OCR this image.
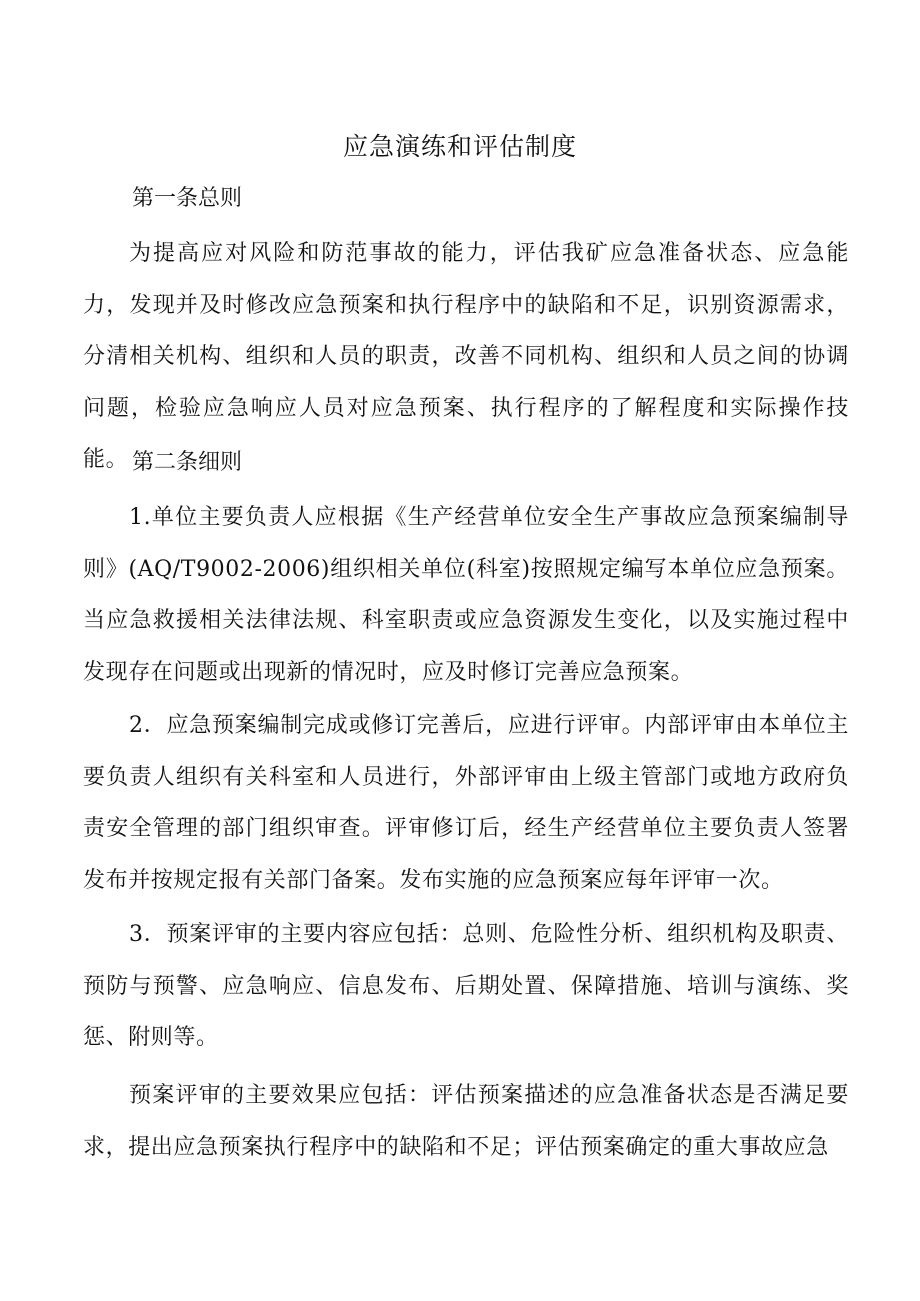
应急演练和评估制度
第一条总则

为提高应对风险和防范事故的能力，评估我矿应急准备状态、应急能力，发现并及时修改应急预案和执行程序中的缺陷和不足，识别资源需求，分清相关机构、组织和人员的职责，改善不同机构、组织和人员之间的协调问题，检验应急响应人员对应急预案、执行程序的了解程度和实际操作技能。 第二条细则

1.单位主要负责人应根据《生产经营单位安全生产事故应急预案编制导则》(AQ/T9002-2006)组织相关单位(科室)按照规定编写本单位应急预案。当应急救援相关法律法规、科室职责或应急资源发生变化，以及实施过程中发现存在问题或出现新的情况时，应及时修订完善应急预案。

2．应急预案编制完成或修订完善后，应进行评审。内部评审由本单位主要负责人组织有关科室和人员进行，外部评审由上级主管部门或地方政府负责安全管理的部门组织审查。评审修订后，经生产经营单位主要负责人签署发布并按规定报有关部门备案。发布实施的应急预案应每年评审一次。

3．预案评审的主要内容应包括：总则、危险性分析、组织机构及职责、预防与预警、应急响应、信息发布、后期处置、保障措施、培训与演练、奖惩、附则等。

预案评审的主要效果应包括：评估预案描述的应急准备状态是否满足要求，提出应急预案执行程序中的缺陷和不足；评估预案确定的重大事故应急
